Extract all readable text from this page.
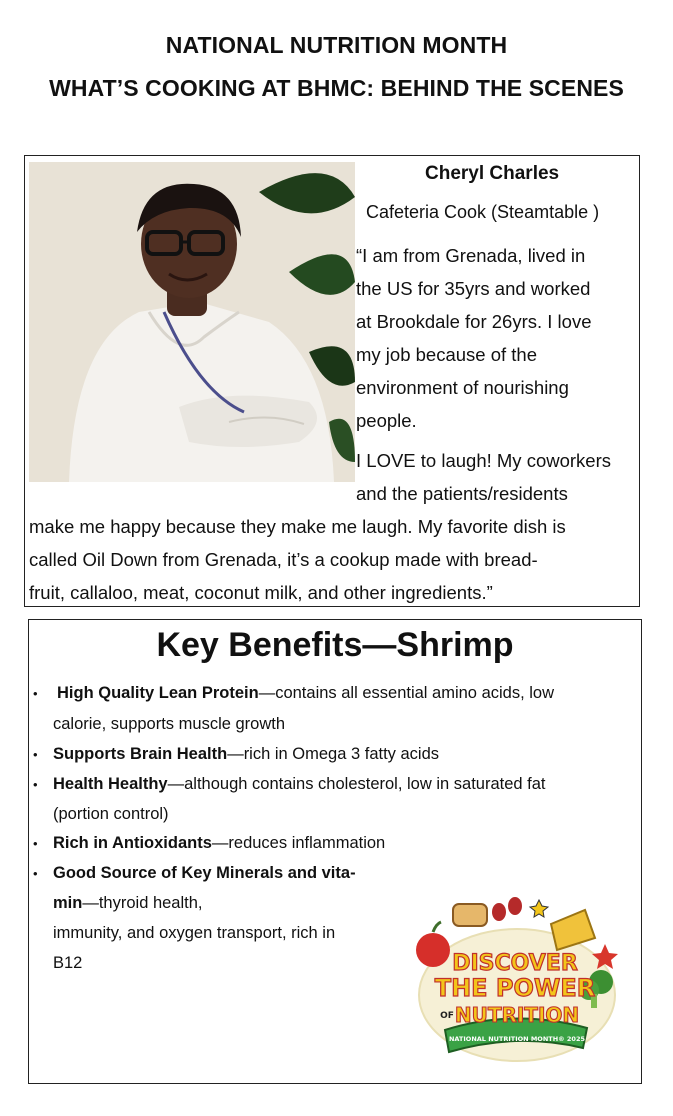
NATIONAL NUTRITION MONTH
WHAT’S COOKING AT BHMC: BEHIND THE SCENES
Cheryl Charles
Cafeteria Cook (Steamtable )
“I am from Grenada, lived in
the US for 35yrs and worked
at Brookdale for 26yrs. I love
my job because of the
environment of nourishing
people.
I LOVE to laugh! My coworkers
and the patients/residents
make me happy because they make me laugh. My favorite dish is
called Oil Down from Grenada, it’s a cookup made with bread-
fruit, callaloo, meat, coconut milk, and other ingredients.”
Key Benefits—Shrimp
• High Quality Lean Protein—contains all essential amino acids, low
calorie, supports muscle growth
• Supports Brain Health—rich in Omega 3 fatty acids
• Health Healthy—although contains cholesterol, low in saturated fat
(portion control)
• Rich in Antioxidants—reduces inflammation
• Good Source of Key Minerals and vita-
min—thyroid health,
immunity, and oxygen transport, rich in
B12	DISCOVER
THE POWER
OF NUTRITION
NATIONAL NUTRITION MONTH® 2025
